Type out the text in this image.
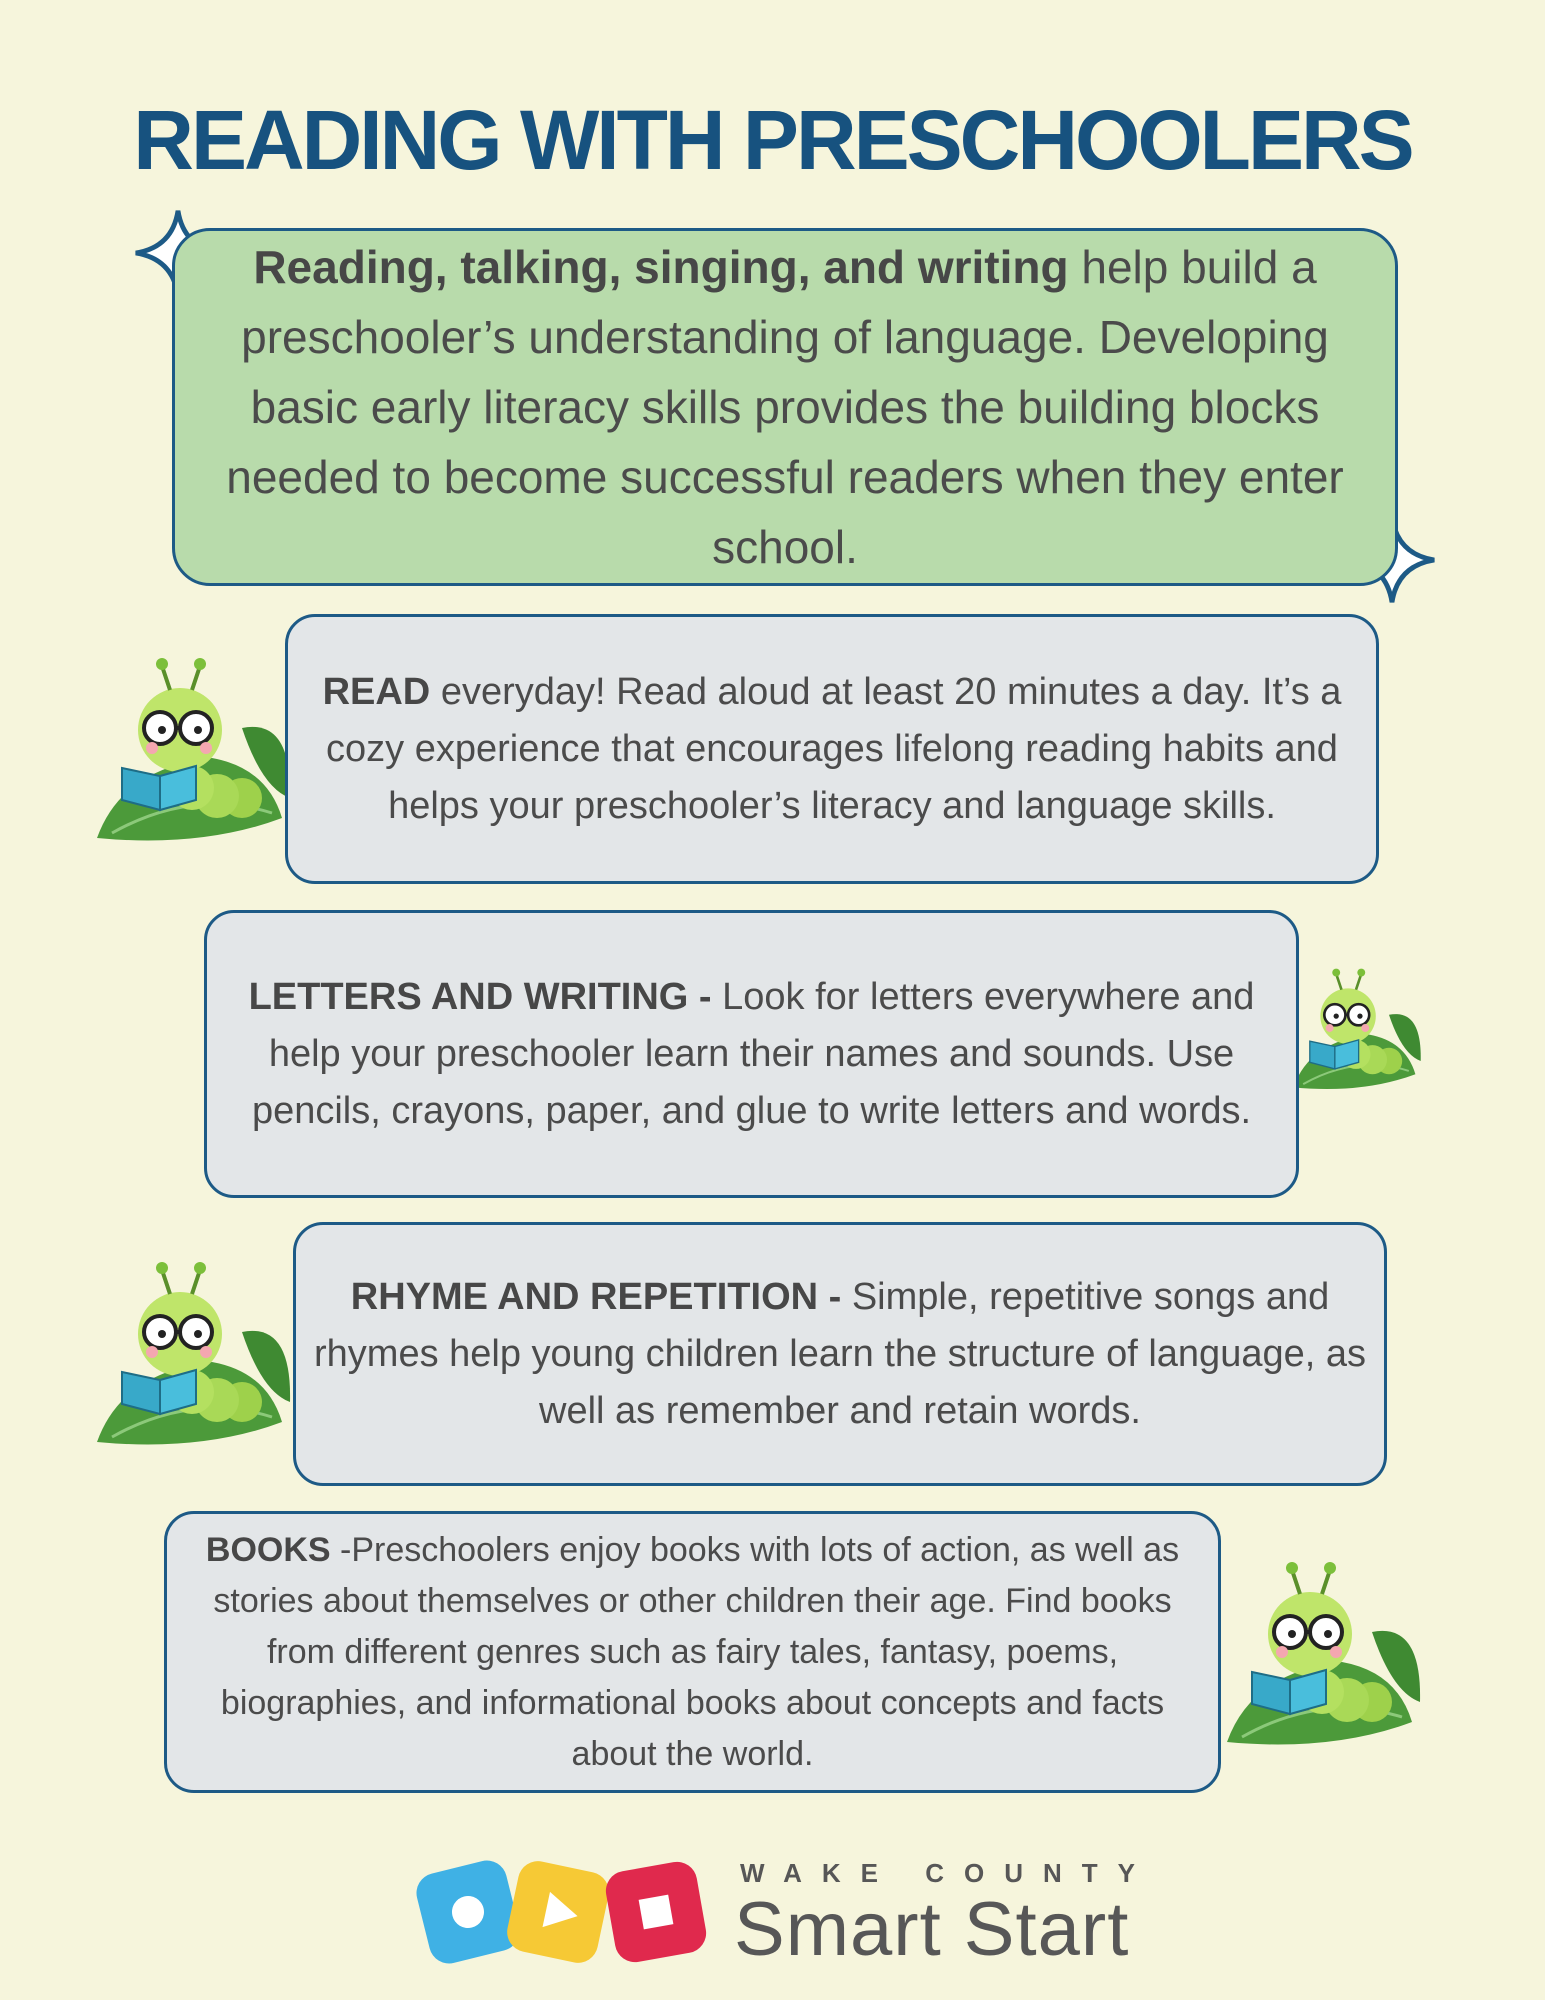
READING WITH PRESCHOOLERS

Reading, talking, singing, and writing help build a preschooler’s understanding of language. Developing basic early literacy skills provides the building blocks needed to become successful readers when they enter school.

READ everyday! Read aloud at least 20 minutes a day. It’s a cozy experience that encourages lifelong reading habits and helps your preschooler’s literacy and language skills.

LETTERS AND WRITING - Look for letters everywhere and help your preschooler learn their names and sounds. Use pencils, crayons, paper, and glue to write letters and words.

RHYME AND REPETITION - Simple, repetitive songs and rhymes help young children learn the structure of language, as well as remember and retain words.

BOOKS -Preschoolers enjoy books with lots of action, as well as stories about themselves or other children their age. Find books from different genres such as fairy tales, fantasy, poems, biographies, and informational books about concepts and facts about the world.

WAKE COUNTY
Smart Start
